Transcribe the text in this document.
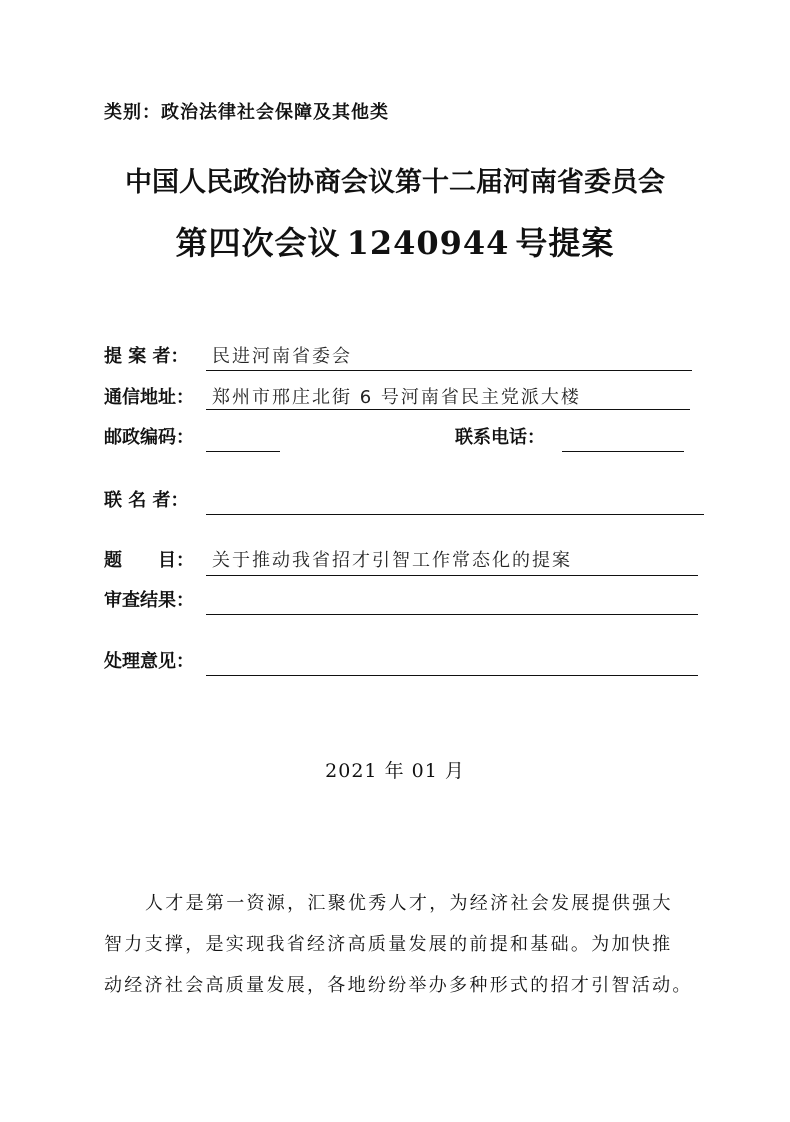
类别：政治法律社会保障及其他类
中国人民政治协商会议第十二届河南省委员会
第四次会议 1240944 号提案
提 案 者： 民进河南省委会
通信地址： 郑州市邢庄北街 6 号河南省民主党派大楼
邮政编码：	联系电话：
联 名 者：
题　　目： 关于推动我省招才引智工作常态化的提案
审查结果：
处理意见：
2021 年 01 月

人才是第一资源，汇聚优秀人才，为经济社会发展提供强大

智力支撑，是实现我省经济高质量发展的前提和基础。为加快推

动经济社会高质量发展，各地纷纷举办多种形式的招才引智活动。
